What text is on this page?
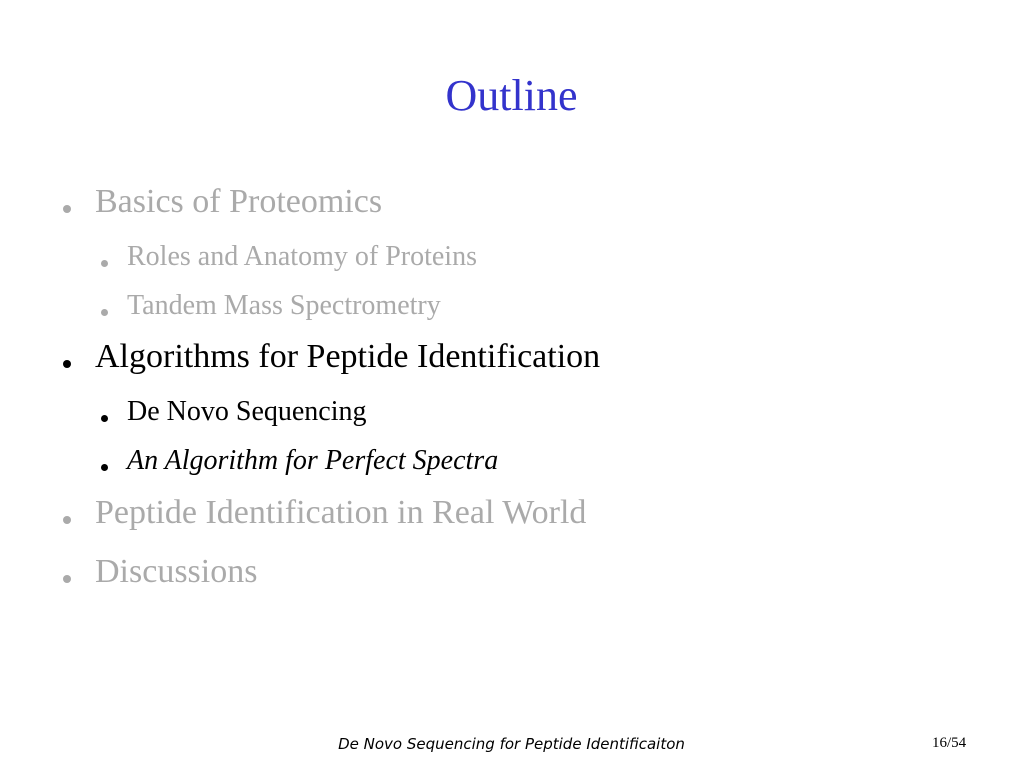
Outline
Basics of Proteomics
Roles and Anatomy of Proteins
Tandem Mass Spectrometry
Algorithms for Peptide Identification
De Novo Sequencing
An Algorithm for Perfect Spectra
Peptide Identification in Real World
Discussions
De Novo Sequencing for Peptide Identificaiton	16/54
